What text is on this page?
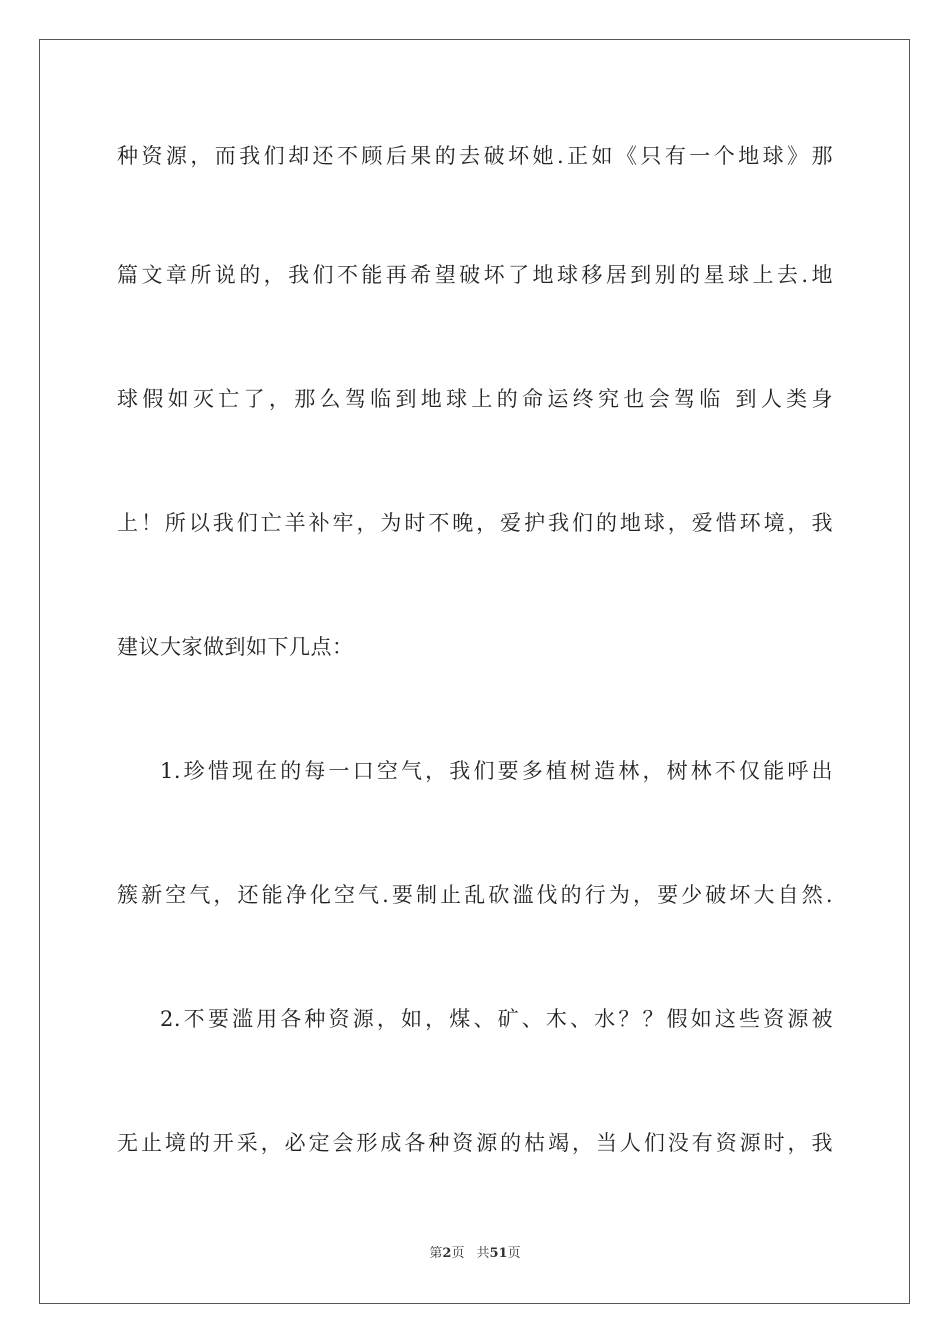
种资源，而我们却还不顾后果的去破坏她.正如《只有一个地球》那
篇文章所说的，我们不能再希望破坏了地球移居到别的星球上去.地
球假如灭亡了，那么驾临到地球上的命运终究也会驾临 到人类身
上！所以我们亡羊补牢，为时不晚，爱护我们的地球，爱惜环境，我
建议大家做到如下几点：
1.珍惜现在的每一口空气，我们要多植树造林，树林不仅能呼出
簇新空气，还能净化空气.要制止乱砍滥伐的行为，要少破坏大自然.
2.不要滥用各种资源，如，煤、矿、木、水？？假如这些资源被
无止境的开采，必定会形成各种资源的枯竭，当人们没有资源时，我
第2页 共51页
